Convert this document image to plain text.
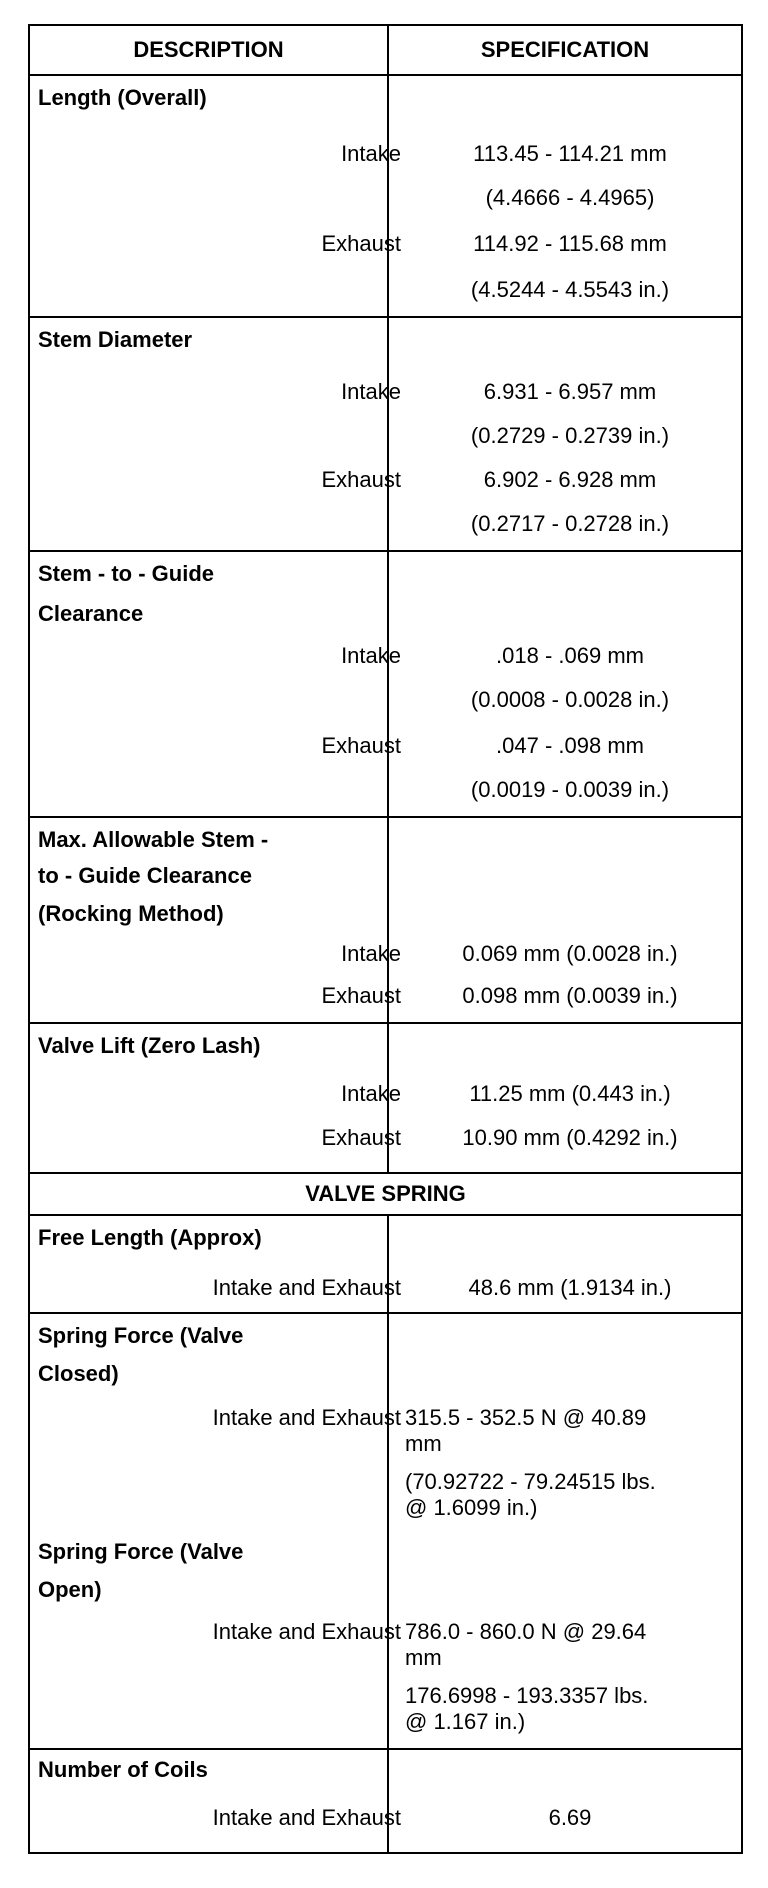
DESCRIPTION	SPECIFICATION
Length (Overall)
Intake	113.45 - 114.21 mm
(4.4666 - 4.4965)
Exhaust	114.92 - 115.68 mm
(4.5244 - 4.5543 in.)
Stem Diameter
Intake	6.931 - 6.957 mm
(0.2729 - 0.2739 in.)
Exhaust	6.902 - 6.928 mm
(0.2717 - 0.2728 in.)
Stem - to - Guide
Clearance
Intake	.018 - .069 mm
(0.0008 - 0.0028 in.)
Exhaust	.047 - .098 mm
(0.0019 - 0.0039 in.)
Max. Allowable Stem -
to - Guide Clearance
(Rocking Method)
Intake	0.069 mm (0.0028 in.)
Exhaust	0.098 mm (0.0039 in.)
Valve Lift (Zero Lash)
Intake	11.25 mm (0.443 in.)
Exhaust	10.90 mm (0.4292 in.)
VALVE SPRING
Free Length (Approx)
Intake and Exhaust	48.6 mm (1.9134 in.)
Spring Force (Valve
Closed)
Intake and Exhaust 315.5 - 352.5 N @ 40.89
mm
(70.92722 - 79.24515 lbs.
@ 1.6099 in.)
Spring Force (Valve
Open)
Intake and Exhaust 786.0 - 860.0 N @ 29.64
mm
176.6998 - 193.3357 lbs.
@ 1.167 in.)
Number of Coils
Intake and Exhaust	6.69
